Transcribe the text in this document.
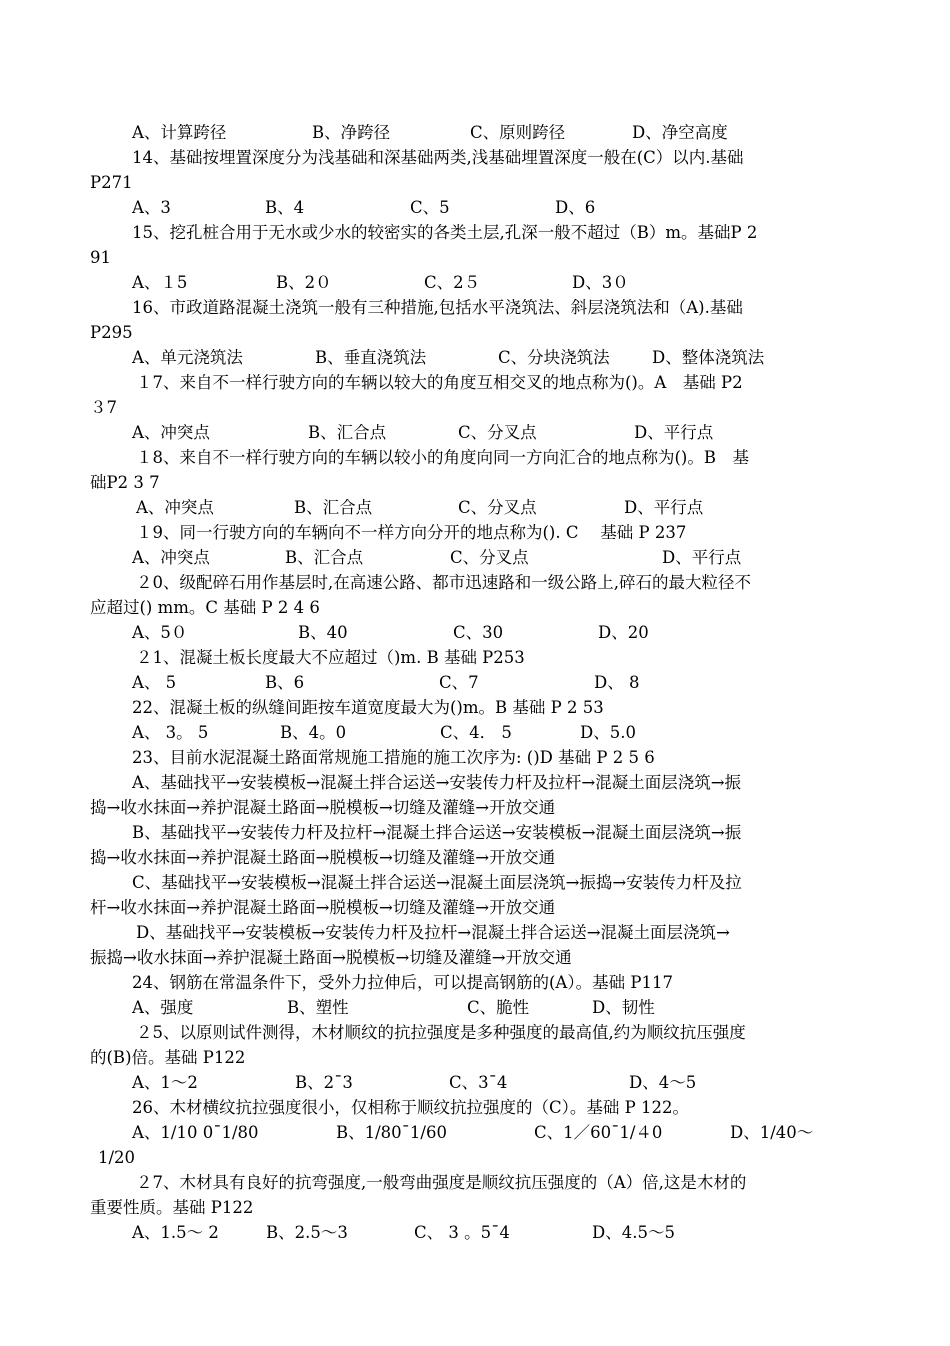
A、计算跨径	B、净跨径	C、原则跨径	D、净空高度
14、基础按埋置深度分为浅基础和深基础两类,浅基础埋置深度一般在(C）以内.基础
P271
A、3	B、4	C、5	D、6
15、挖孔桩合用于无水或少水的较密实的各类土层,孔深一般不超过（B）m。基础P 2
91
A、１5	B、2０	C、2５	D、3０
16、市政道路混凝土浇筑一般有三种措施,包括水平浇筑法、斜层浇筑法和（A).基础
P295
A、单元浇筑法	B、垂直浇筑法	C、分块浇筑法	D、整体浇筑法
１7、来自不一样行驶方向的车辆以较大的角度互相交叉的地点称为()。A　基础 P2
３7
A、冲突点	B、汇合点	C、分叉点	D、平行点
１8、来自不一样行驶方向的车辆以较小的角度向同一方向汇合的地点称为()。B　基
础P2 3 7
A、冲突点	B、汇合点	C、分叉点	D、平行点
１9、同一行驶方向的车辆向不一样方向分开的地点称为(). C　 基础 P 237
A、冲突点	B、汇合点	C、分叉点	D、平行点
２0、级配碎石用作基层时,在高速公路、都市迅速路和一级公路上,碎石的最大粒径不
应超过() mm。C 基础 P 2 4 6
A、5０	B、40	C、30	D、20
２1、混凝土板长度最大不应超过（)m. B 基础 P253
A、 5	B、6	C、7	D、 8
22、混凝土板的纵缝间距按车道宽度最大为()m。B 基础 P 2 53
A、 3。 5	B、4。0	C、4． 5	D、5.0
23、目前水泥混凝土路面常规施工措施的施工次序为: ()D 基础 P 2 5 6
A、基础找平→安装模板→混凝土拌合运送→安装传力杆及拉杆→混凝土面层浇筑→振
捣→收水抹面→养护混凝土路面→脱模板→切缝及灌缝→开放交通
B、基础找平→安装传力杆及拉杆→混凝土拌合运送→安装模板→混凝土面层浇筑→振
捣→收水抹面→养护混凝土路面→脱模板→切缝及灌缝→开放交通
C、基础找平→安装模板→混凝土拌合运送→混凝土面层浇筑→振捣→安装传力杆及拉
杆→收水抹面→养护混凝土路面→脱模板→切缝及灌缝→开放交通
D、基础找平→安装模板→安装传力杆及拉杆→混凝土拌合运送→混凝土面层浇筑→
振捣→收水抹面→养护混凝土路面→脱模板→切缝及灌缝→开放交通
24、钢筋在常温条件下，受外力拉伸后，可以提高钢筋的(A）。基础 P117
A、强度	B、塑性	C、脆性	D、韧性
２5、以原则试件测得，木材顺纹的抗拉强度是多种强度的最高值,约为顺纹抗压强度
的(B)倍。基础 P122
A、1～2	B、2¯3	C、3¯4	D、4～5
26、木材横纹抗拉强度很小，仅相称于顺纹抗拉强度的（C）。基础 P 122。
A、1/10 0¯1/80	B、1/80¯1/60	C、1／60¯1/４0	D、1/40～
1/20
２7、木材具有良好的抗弯强度,一般弯曲强度是顺纹抗压强度的（A）倍,这是木材的
重要性质。基础 P122
A、1.5～ 2	B、2.5～3	C、 3 。5¯4	D、4.5～5
